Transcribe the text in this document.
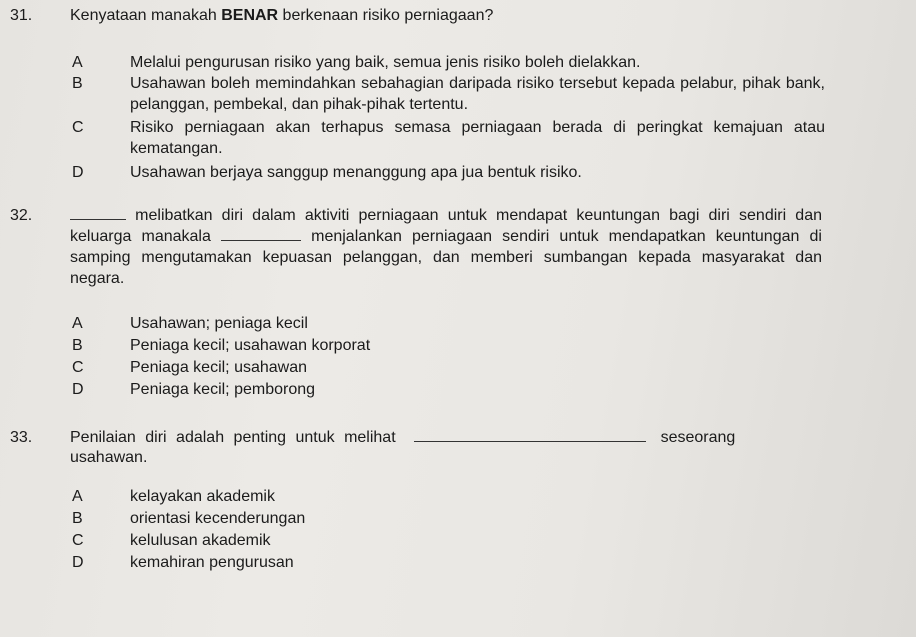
31. Kenyataan manakah BENAR berkenaan risiko perniagaan?
A	Melalui pengurusan risiko yang baik, semua jenis risiko boleh dielakkan.
B	Usahawan boleh memindahkan sebahagian daripada risiko tersebut kepada pelabur, pihak bank, pelanggan, pembekal, dan pihak-pihak tertentu.
C	Risiko perniagaan akan terhapus semasa perniagaan berada di peringkat kemajuan atau kematangan.
D	Usahawan berjaya sanggup menanggung apa jua bentuk risiko.
32.	melibatkan diri dalam aktiviti perniagaan untuk mendapat keuntungan bagi diri sendiri dan keluarga manakala	menjalankan perniagaan sendiri untuk mendapatkan keuntungan di samping mengutamakan kepuasan pelanggan, dan memberi sumbangan kepada masyarakat dan negara.
A	Usahawan; peniaga kecil
B	Peniaga kecil; usahawan korporat
C	Peniaga kecil; usahawan
D	Peniaga kecil; pemborong
33. Penilaian diri adalah penting untuk melihat	seseorang
usahawan.
A	kelayakan akademik
B	orientasi kecenderungan
C	kelulusan akademik
D	kemahiran pengurusan
